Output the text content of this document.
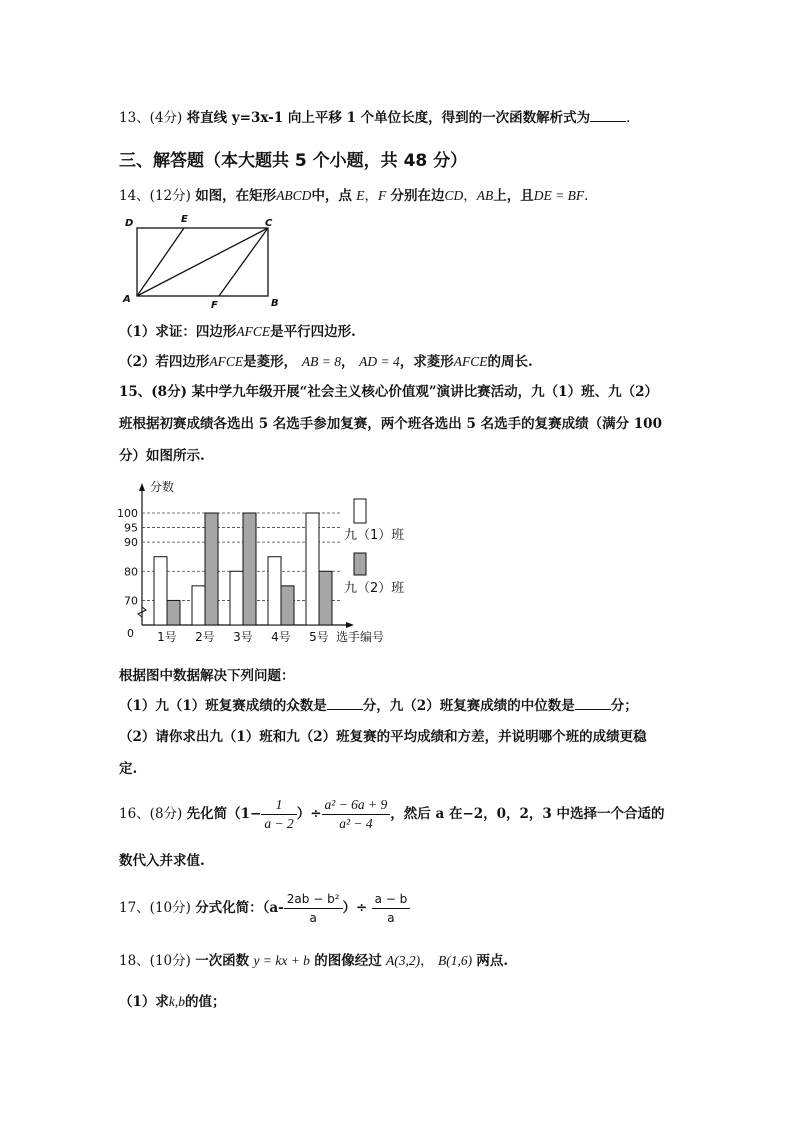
13、(4分) 将直线 y=3x-1 向上平移 1 个单位长度，得到的一次函数解析式为	.
三、解答题（本大题共 5 个小题，共 48 分）
14、(12分) 如图，在矩形ABCD中，点 E，F 分别在边CD，AB上，且DE = BF.
D	E	C
A
F	B
（1）求证：四边形AFCE是平行四边形.
（2）若四边形AFCE是菱形， AB = 8， AD = 4，求菱形AFCE的周长.
15、(8分) 某中学九年级开展“社会主义核心价值观”演讲比赛活动，九（1）班、九（2）
班根据初赛成绩各选出 5 名选手参加复赛，两个班各选出 5 名选手的复赛成绩（满分 100
分）如图所示.
70
80
90
95
100
0
分数
1号 2号 3号 4号 5号 选手编号
九（1）班
九（2）班
根据图中数据解决下列问题：
（1）九（1）班复赛成绩的众数是	分，九（2）班复赛成绩的中位数是	分；
（2）请你求出九（1）班和九（2）班复赛的平均成绩和方差，并说明哪个班的成绩更稳
定.
16、(8分)
先化简（$1- \frac{1}{a - 2}$ ）÷ $\frac{\text{a² − 6a + 9}}{\text{a² − 4}}$ ，然后 a 在−2，0，2，3 中选择一个合适的
数代入并求值.
17、(10分)
分式化简：（$a- \frac{\text{2ab − b²}}{a}$ ）÷
$\frac{a - b}{a}$
18、(10分) 一次函数 y = kx + b 的图像经过 A(3,2)， B(1,6) 两点.
（1）求k,b的值；
